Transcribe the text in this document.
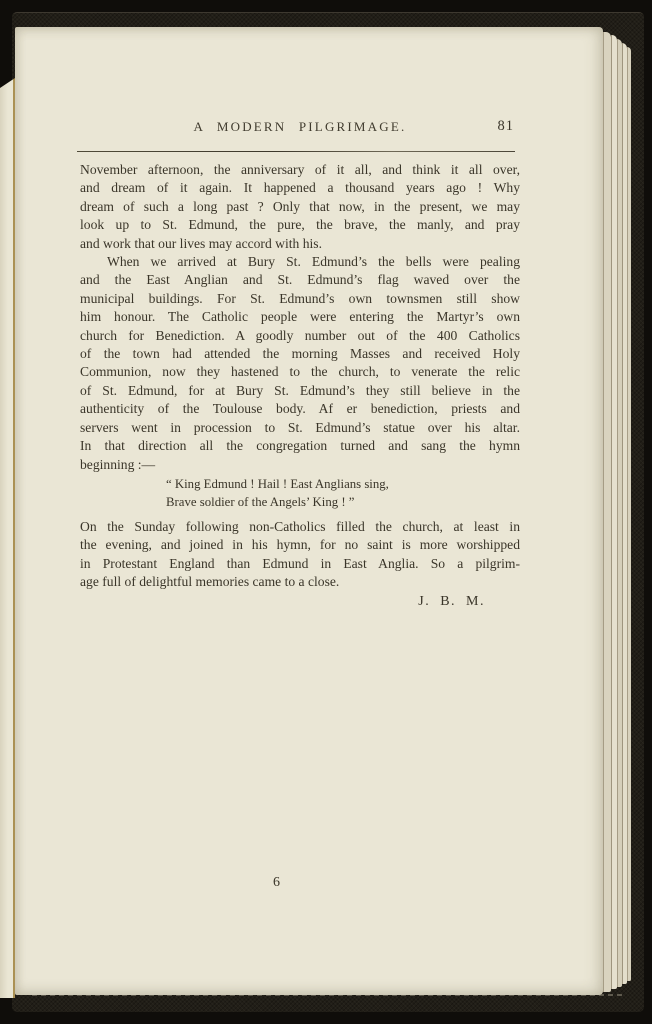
A MODERN PILGRIMAGE.	81
November afternoon, the anniversary of it all, and think it all over,
and dream of it again. It happened a thousand years ago ! Why
dream of such a long past ? Only that now, in the present, we may
look up to St. Edmund, the pure, the brave, the manly, and pray
and work that our lives may accord with his.
When we arrived at Bury St. Edmund’s the bells were pealing
and the East Anglian and St. Edmund’s flag waved over the
municipal buildings. For St. Edmund’s own townsmen still show
him honour. The Catholic people were entering the Martyr’s own
church for Benediction. A goodly number out of the 400 Catholics
of the town had attended the morning Masses and received Holy
Communion, now they hastened to the church, to venerate the relic
of St. Edmund, for at Bury St. Edmund’s they still believe in the
authenticity of the Toulouse body. Af er benediction, priests and
servers went in procession to St. Edmund’s statue over his altar.
In that direction all the congregation turned and sang the hymn
beginning :—
“ King Edmund ! Hail ! East Anglians sing,
Brave soldier of the Angels’ King ! ”
On the Sunday following non-Catholics filled the church, at least in
the evening, and joined in his hymn, for no saint is more worshipped
in Protestant England than Edmund in East Anglia. So a pilgrim-
age full of delightful memories came to a close.
J. B. M.
6
